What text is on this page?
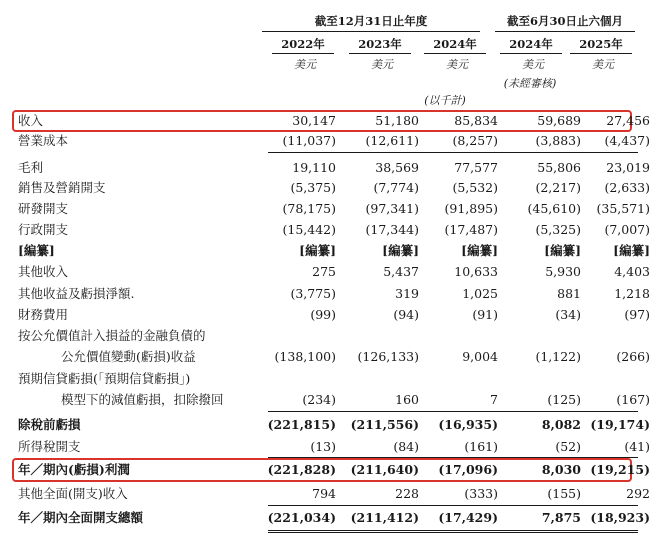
截至12月31日止年度	截至6月30日止六個月
2022年	2023年	2024年	2024年	2025年
美元	美元	美元	美元	美元
(未經審核)
(以千計)
收入	30,147	51,180	85,834	59,689	27,456
營業成本	(11,037)	(12,611)	(8,257)	(3,883)	(4,437)
毛利	19,110	38,569	77,577	55,806	23,019
銷售及營銷開支	(5,375)	(7,774)	(5,532)	(2,217)	(2,633)
研發開支	(78,175)	(97,341)	(91,895)	(45,610)	(35,571)
行政開支	(15,442)	(17,344)	(17,487)	(5,325)	(7,007)
[編纂]	[編纂]	[編纂]	[編纂]	[編纂]	[編纂]
其他收入	275	5,437	10,633	5,930	4,403
其他收益及虧損淨額.	(3,775)	319	1,025	881	1,218
財務費用	(99)	(94)	(91)	(34)	(97)
按公允價值計入損益的金融負債的
公允價值變動(虧損)收益	(138,100)	(126,133)	9,004	(1,122)	(266)
預期信貸虧損(「預期信貸虧損」)
模型下的減值虧損，扣除撥回	(234)	160	7	(125)	(167)
除稅前虧損	(221,815)	(211,556)	(16,935)	8,082 (19,174)
所得稅開支	(13)	(84)	(161)	(52)	(41)
年／期內(虧損)利潤	(221,828)	(211,640)	(17,096)	8,030 (19,215)
其他全面(開支)收入	794	228	(333)	(155)	292
年／期內全面開支總額	(221,034)	(211,412)	(17,429)	7,875 (18,923)
